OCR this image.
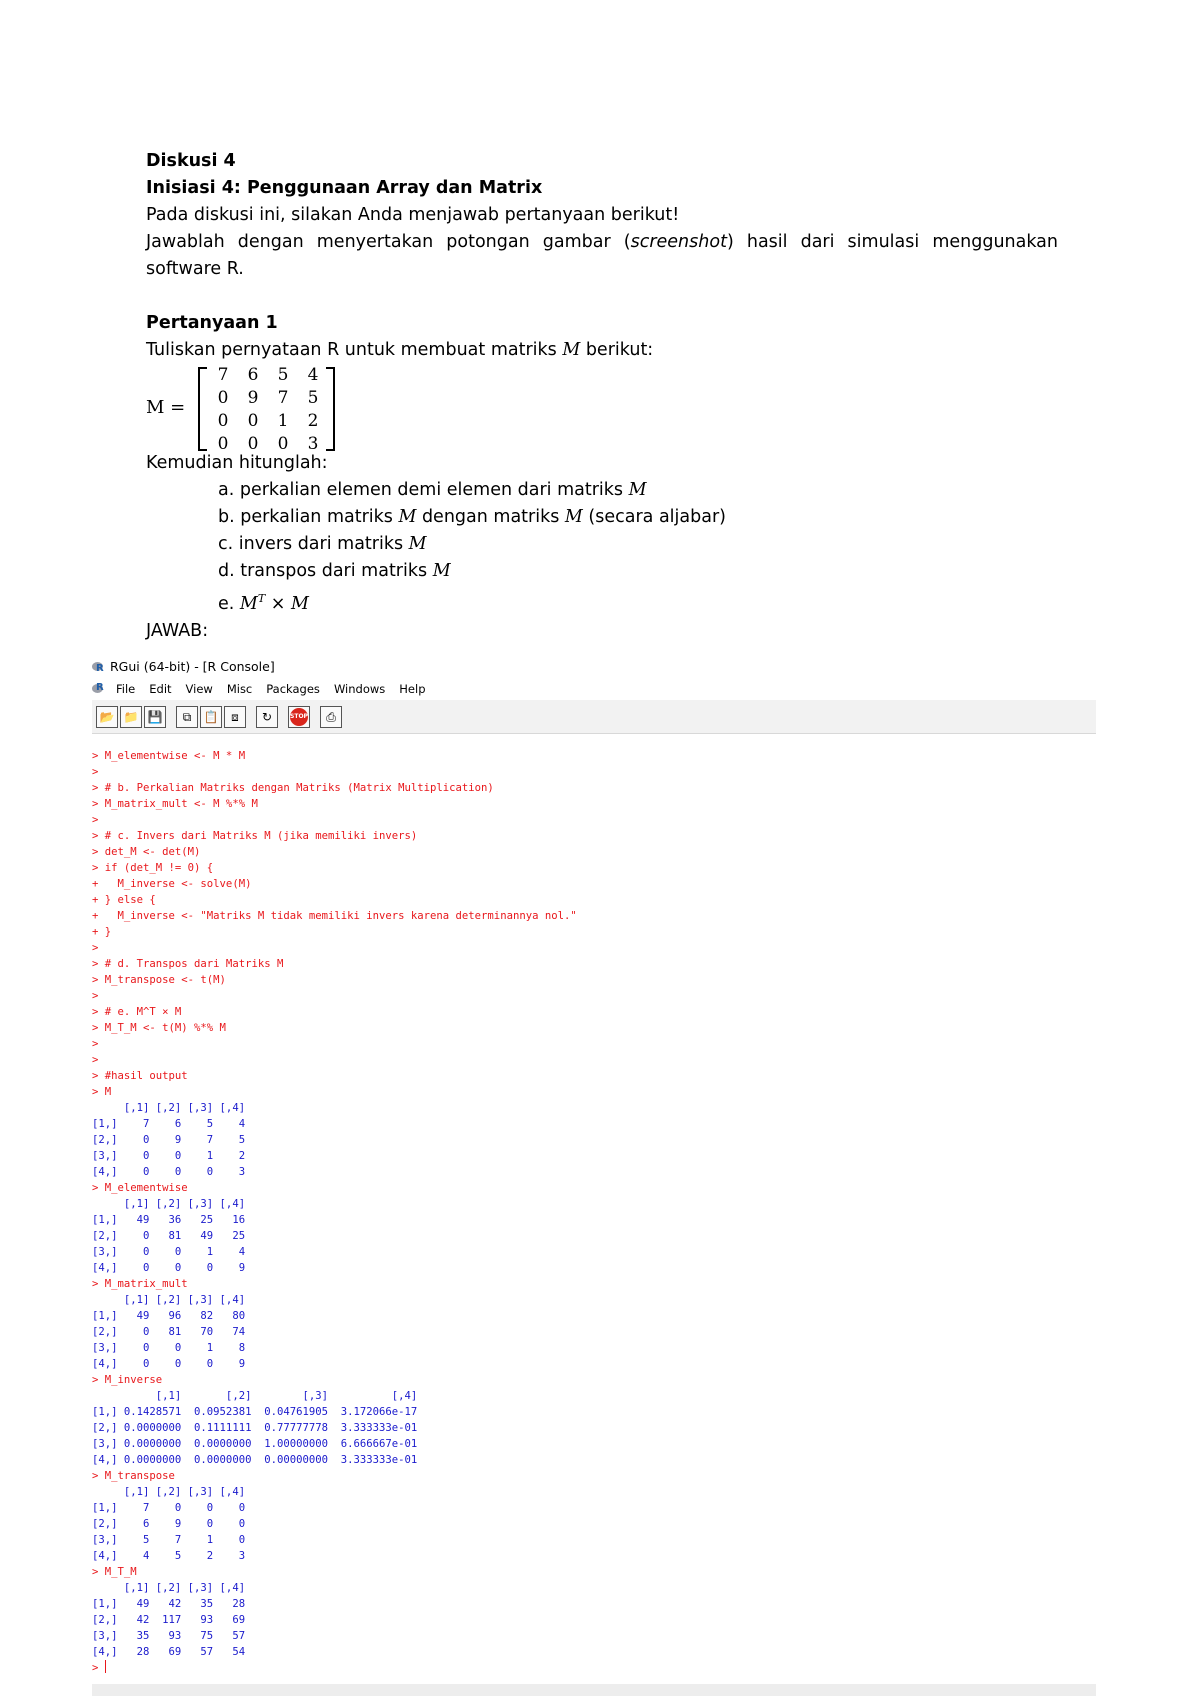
Diskusi 4

Inisiasi 4: Penggunaan Array dan Matrix

Pada diskusi ini, silakan Anda menjawab pertanyaan berikut!

Jawablah dengan menyertakan potongan gambar (screenshot) hasil dari simulasi menggunakan software R.

Pertanyaan 1

Tuliskan pernyataan R untuk membuat matriks M berikut:

M =
7	6	5	4
0	9	7	5
0	0	1	2
0	0	0	3

Kemudian hitunglah:

a. perkalian elemen demi elemen dari matriks M

b. perkalian matriks M dengan matriks M (secara aljabar)

c. invers dari matriks M

d. transpos dari matriks M

e. $M^T \times M$

JAWAB:

R
RGui (64-bit) - [R Console]
R
File Edit View Misc Packages Windows Help
📂 📁 💾	⧉	📋	⧈	↻	STOP	⎙
> M_elementwise <- M * M
>
> # b. Perkalian Matriks dengan Matriks (Matrix Multiplication)
> M_matrix_mult <- M %*% M
>
> # c. Invers dari Matriks M (jika memiliki invers)
> det_M <- det(M)
> if (det_M != 0) {
+   M_inverse <- solve(M)
+ } else {
+   M_inverse <- "Matriks M tidak memiliki invers karena determinannya nol."
+ }
>
> # d. Transpos dari Matriks M
> M_transpose <- t(M)
>
> # e. M^T × M
> M_T_M <- t(M) %*% M
>
>
> #hasil output
> M
[,1] [,2] [,3] [,4]
[1,]    7    6    5    4
[2,]    0    9    7    5
[3,]    0    0    1    2
[4,]    0    0    0    3
> M_elementwise
[,1] [,2] [,3] [,4]
[1,]   49   36   25   16
[2,]    0   81   49   25
[3,]    0    0    1    4
[4,]    0    0    0    9
> M_matrix_mult
[,1] [,2] [,3] [,4]
[1,]   49   96   82   80
[2,]    0   81   70   74
[3,]    0    0    1    8
[4,]    0    0    0    9
> M_inverse
[,1]       [,2]        [,3]          [,4]
[1,] 0.1428571  0.0952381  0.04761905  3.172066e-17
[2,] 0.0000000  0.1111111  0.77777778  3.333333e-01
[3,] 0.0000000  0.0000000  1.00000000  6.666667e-01
[4,] 0.0000000  0.0000000  0.00000000  3.333333e-01
> M_transpose
[,1] [,2] [,3] [,4]
[1,]    7    0    0    0
[2,]    6    9    0    0
[3,]    5    7    1    0
[4,]    4    5    2    3
> M_T_M
[,1] [,2] [,3] [,4]
[1,]   49   42   35   28
[2,]   42  117   93   69
[3,]   35   93   75   57
[4,]   28   69   57   54
>
